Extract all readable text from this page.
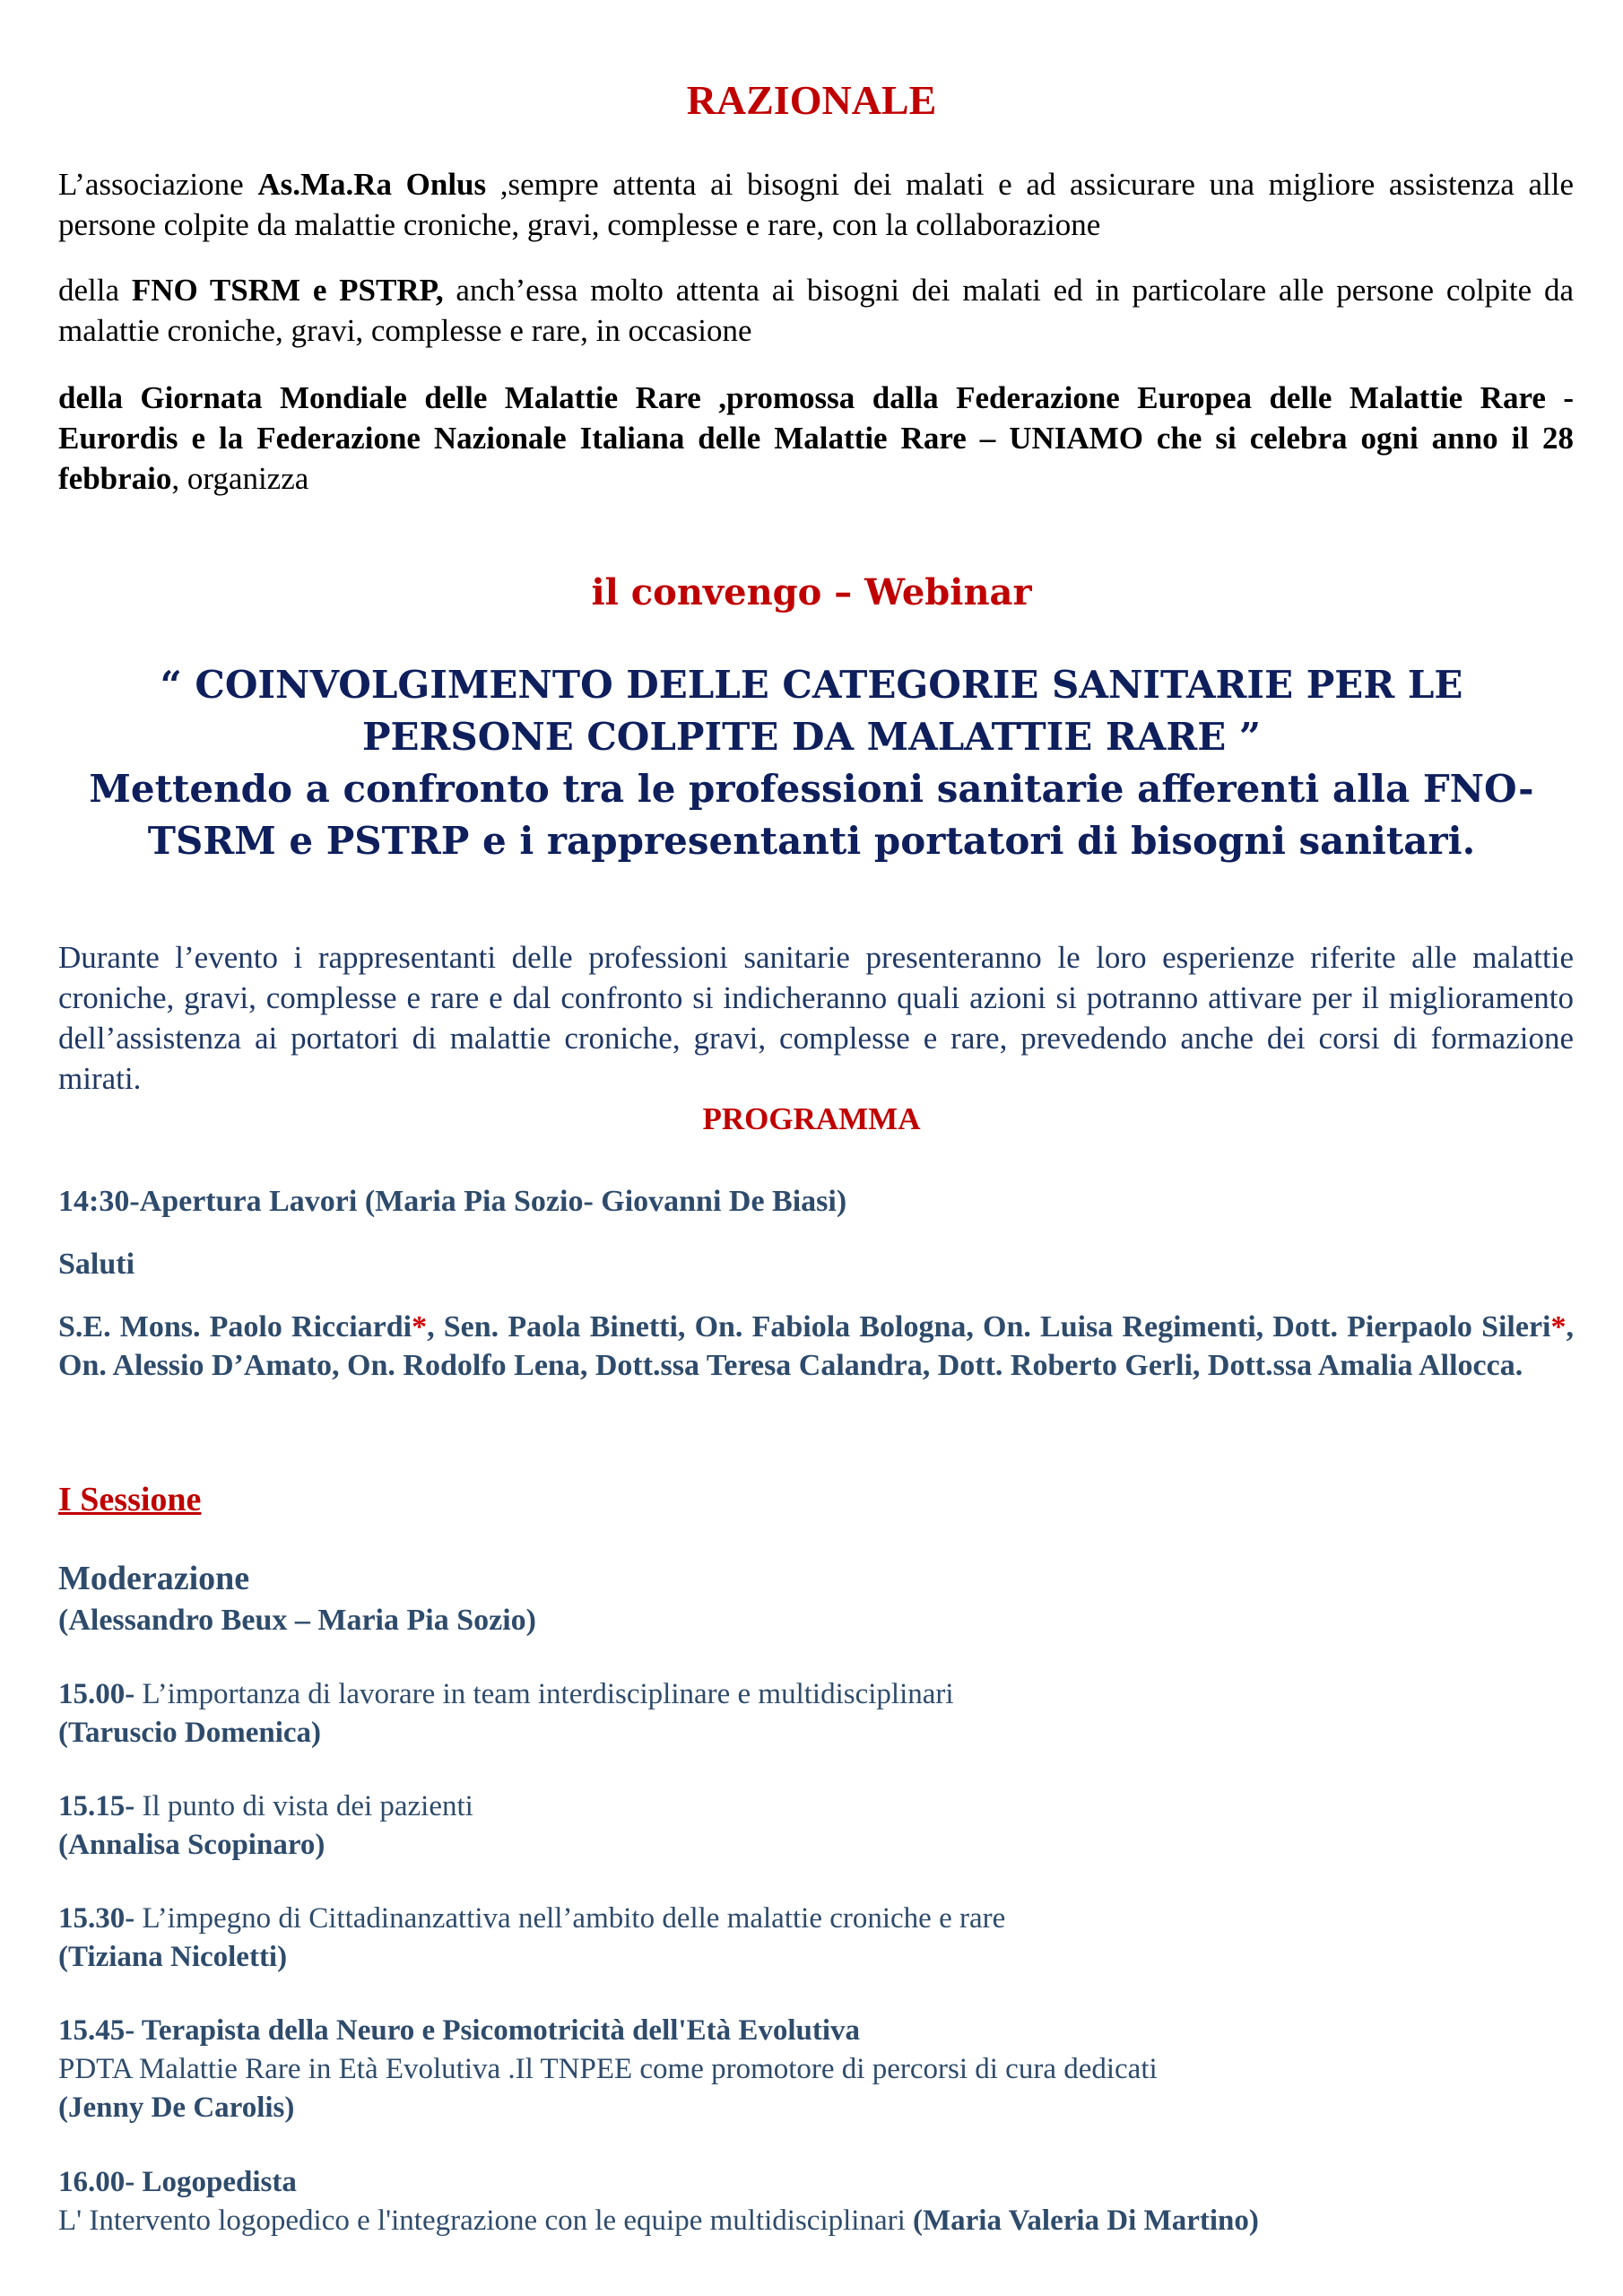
RAZIONALE

L’associazione As.Ma.Ra Onlus ,sempre attenta ai bisogni dei malati e ad assicurare una migliore assistenza alle persone colpite da malattie croniche, gravi, complesse e rare, con la collaborazione

della FNO TSRM e PSTRP, anch’essa molto attenta ai bisogni dei malati ed in particolare alle persone colpite da malattie croniche, gravi, complesse e rare, in occasione

della Giornata Mondiale delle Malattie Rare ,promossa dalla Federazione Europea delle Malattie Rare - Eurordis e la Federazione Nazionale Italiana delle Malattie Rare – UNIAMO che si celebra ogni anno il 28 febbraio, organizza

il convengo – Webinar
“ COINVOLGIMENTO DELLE CATEGORIE SANITARIE PER LE PERSONE COLPITE DA MALATTIE RARE ”
Mettendo a confronto tra le professioni sanitarie afferenti alla FNO-TSRM e PSTRP e i rappresentanti portatori di bisogni sanitari.

Durante l’evento i rappresentanti delle professioni sanitarie presenteranno le loro esperienze riferite alle malattie croniche, gravi, complesse e rare e dal confronto si indicheranno quali azioni si potranno attivare per il miglioramento dell’assistenza ai portatori di malattie croniche, gravi, complesse e rare, prevedendo anche dei corsi di formazione mirati.

PROGRAMMA
14:30-Apertura Lavori (Maria Pia Sozio- Giovanni De Biasi)
Saluti

S.E. Mons. Paolo Ricciardi*, Sen. Paola Binetti, On. Fabiola Bologna, On. Luisa Regimenti, Dott. Pierpaolo Sileri*, On. Alessio D’Amato, On. Rodolfo Lena, Dott.ssa Teresa Calandra, Dott. Roberto Gerli, Dott.ssa Amalia Allocca.

I Sessione
Moderazione
(Alessandro Beux – Maria Pia Sozio)
15.00- L’importanza di lavorare in team interdisciplinare e multidisciplinari
(Taruscio Domenica)
15.15- Il punto di vista dei pazienti
(Annalisa Scopinaro)
15.30- L’impegno di Cittadinanzattiva nell’ambito delle malattie croniche e rare
(Tiziana Nicoletti)
15.45- Terapista della Neuro e Psicomotricità dell'Età Evolutiva
PDTA Malattie Rare in Età Evolutiva .Il TNPEE come promotore di percorsi di cura dedicati
(Jenny De Carolis)
16.00- Logopedista
L' Intervento logopedico e l'integrazione con le equipe multidisciplinari (Maria Valeria Di Martino)
